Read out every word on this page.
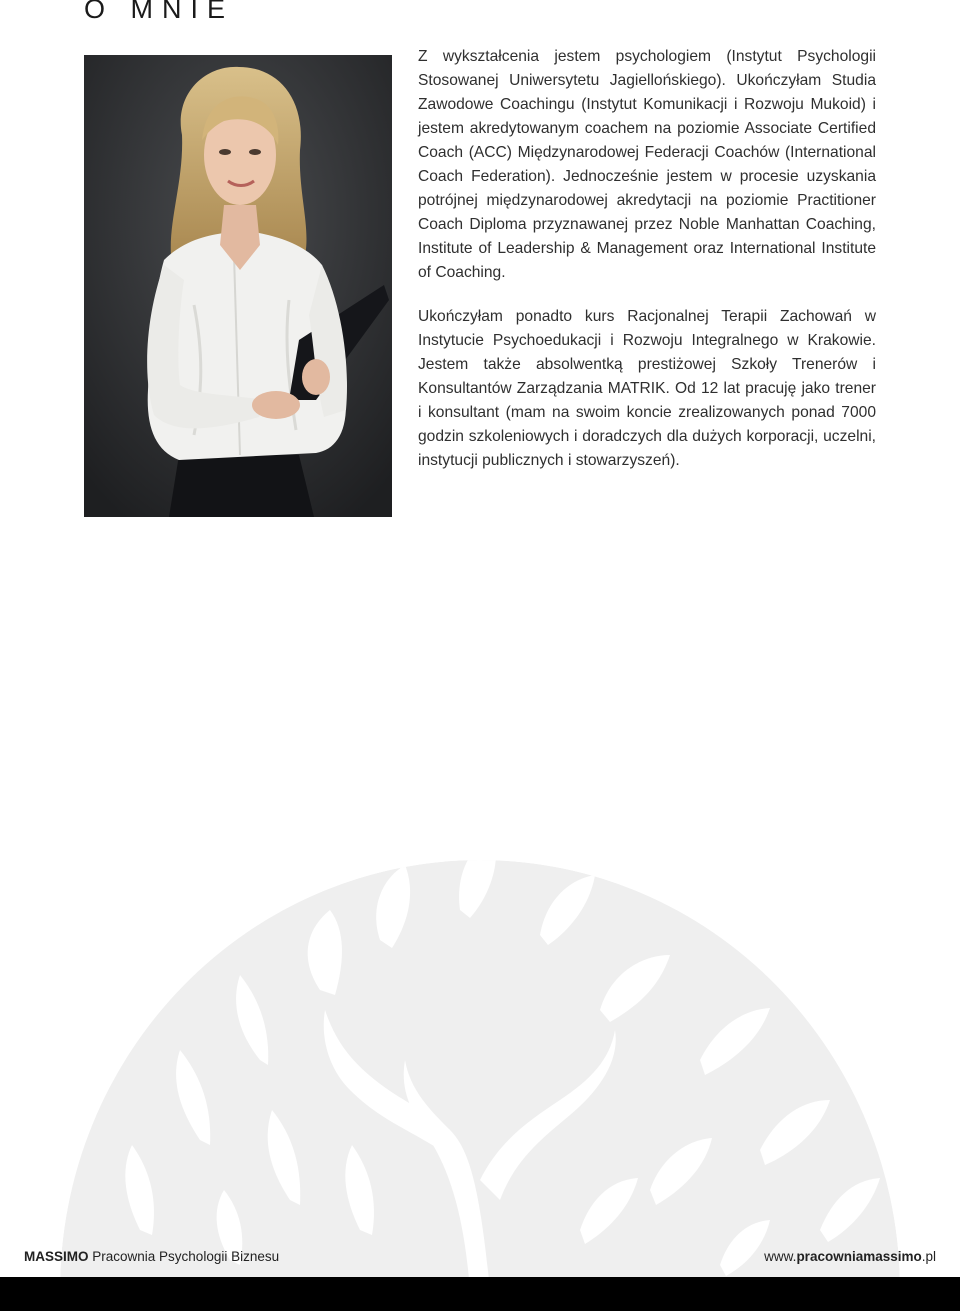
O MNIE

Z wykształcenia jestem psychologiem (Instytut Psychologii Stosowanej Uniwersytetu Jagiellońskiego). Ukończyłam Studia Zawodowe Coachingu (Instytut Komunikacji i Rozwoju Mukoid) i jestem akredytowanym coachem na poziomie Associate Certified Coach (ACC) Międzynarodowej Federacji Coachów (International Coach Federation). Jednocześnie jestem w procesie uzyskania potrójnej międzynarodowej akredytacji na poziomie Practitioner Coach Diploma przyznawanej przez Noble Manhattan Coaching, Institute of Leadership & Management oraz International Institute of Coaching.

Ukończyłam ponadto kurs Racjonalnej Terapii Zachowań w Instytucie Psychoedukacji i Rozwoju Integralnego w Krakowie. Jestem także absolwentką prestiżowej Szkoły Trenerów i Konsultantów Zarządzania MATRIK. Od 12 lat pracuję jako trener i konsultant (mam na swoim koncie zrealizowanych ponad 7000 godzin szkoleniowych i doradczych dla dużych korporacji, uczelni, instytucji publicznych i stowarzyszeń).

MASSIMO Pracownia Psychologii Biznesu	www.pracowniamassimo.pl
